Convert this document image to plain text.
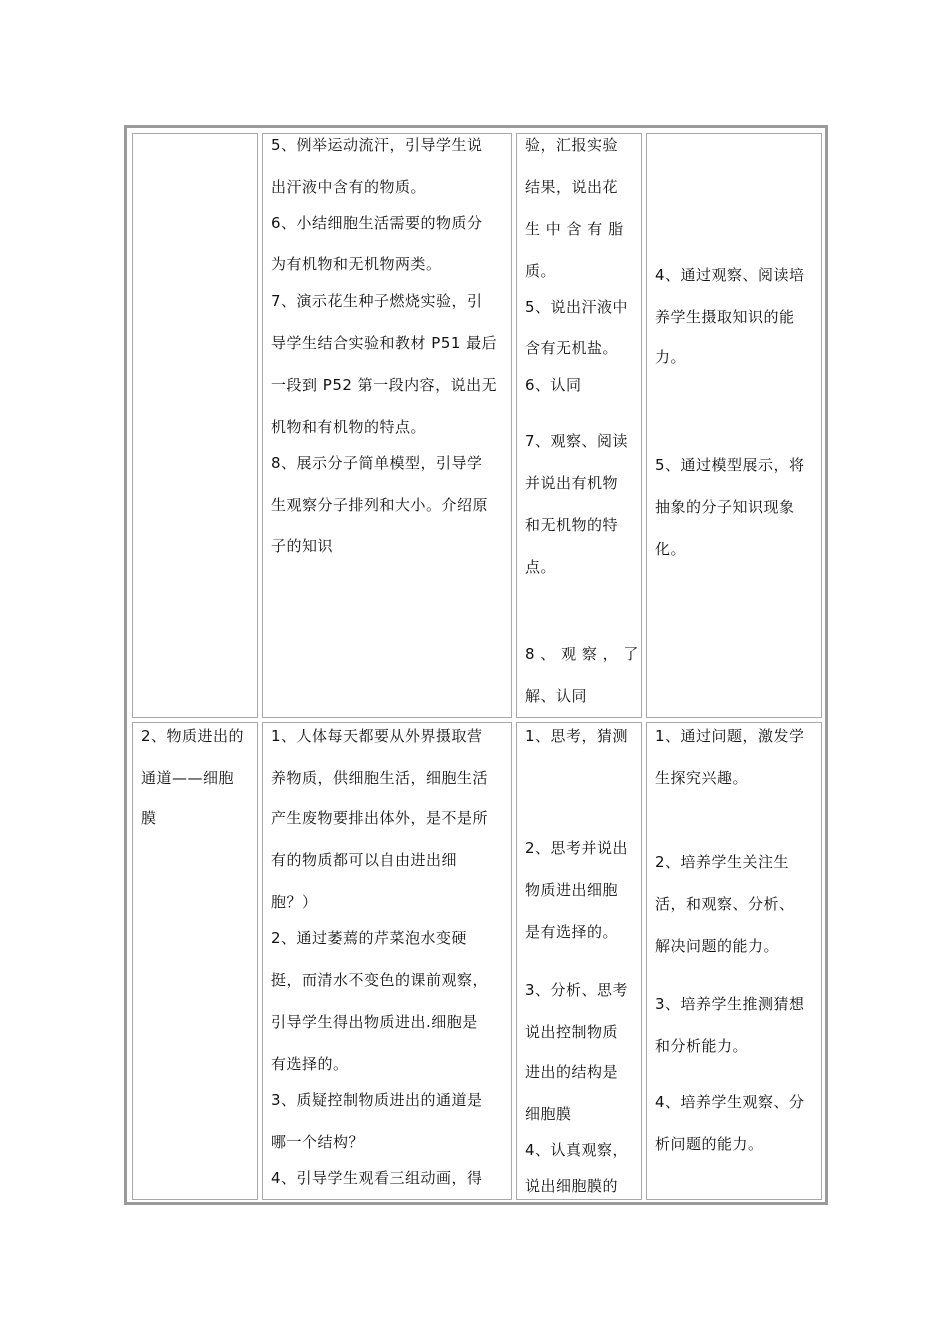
5、例举运动流汗，引导学生说
出汗液中含有的物质。
6、小结细胞生活需要的物质分
为有机物和无机物两类。
7、演示花生种子燃烧实验，引
导学生结合实验和教材 P51 最后
一段到 P52 第一段内容，说出无
机物和有机物的特点。
8、展示分子简单模型，引导学
生观察分子排列和大小。介绍原
子的知识
验，汇报实验
结果，说出花
生 中 含 有 脂
质。
5、说出汗液中
含有无机盐。
6、认同
7、观察、阅读
并说出有机物
和无机物的特
点。
8 、 观 察 ， 了
解、认同
4、通过观察、阅读培
养学生摄取知识的能
力。
5、通过模型展示，将
抽象的分子知识现象
化。
2、物质进出的
通道——细胞
膜
1、人体每天都要从外界摄取营
养物质，供细胞生活，细胞生活
产生废物要排出体外，是不是所
有的物质都可以自由进出细
胞？）
2、通过萎蔫的芹菜泡水变硬
挺，而清水不变色的课前观察，
引导学生得出物质进出.细胞是
有选择的。
3、质疑控制物质进出的通道是
哪一个结构？
4、引导学生观看三组动画，得
1、思考，猜测
2、思考并说出
物质进出细胞
是有选择的。
3、分析、思考
说出控制物质
进出的结构是
细胞膜
4、认真观察，
说出细胞膜的
1、通过问题，激发学
生探究兴趣。
2、培养学生关注生
活，和观察、分析、
解决问题的能力。
3、培养学生推测猜想
和分析能力。
4、培养学生观察、分
析问题的能力。
